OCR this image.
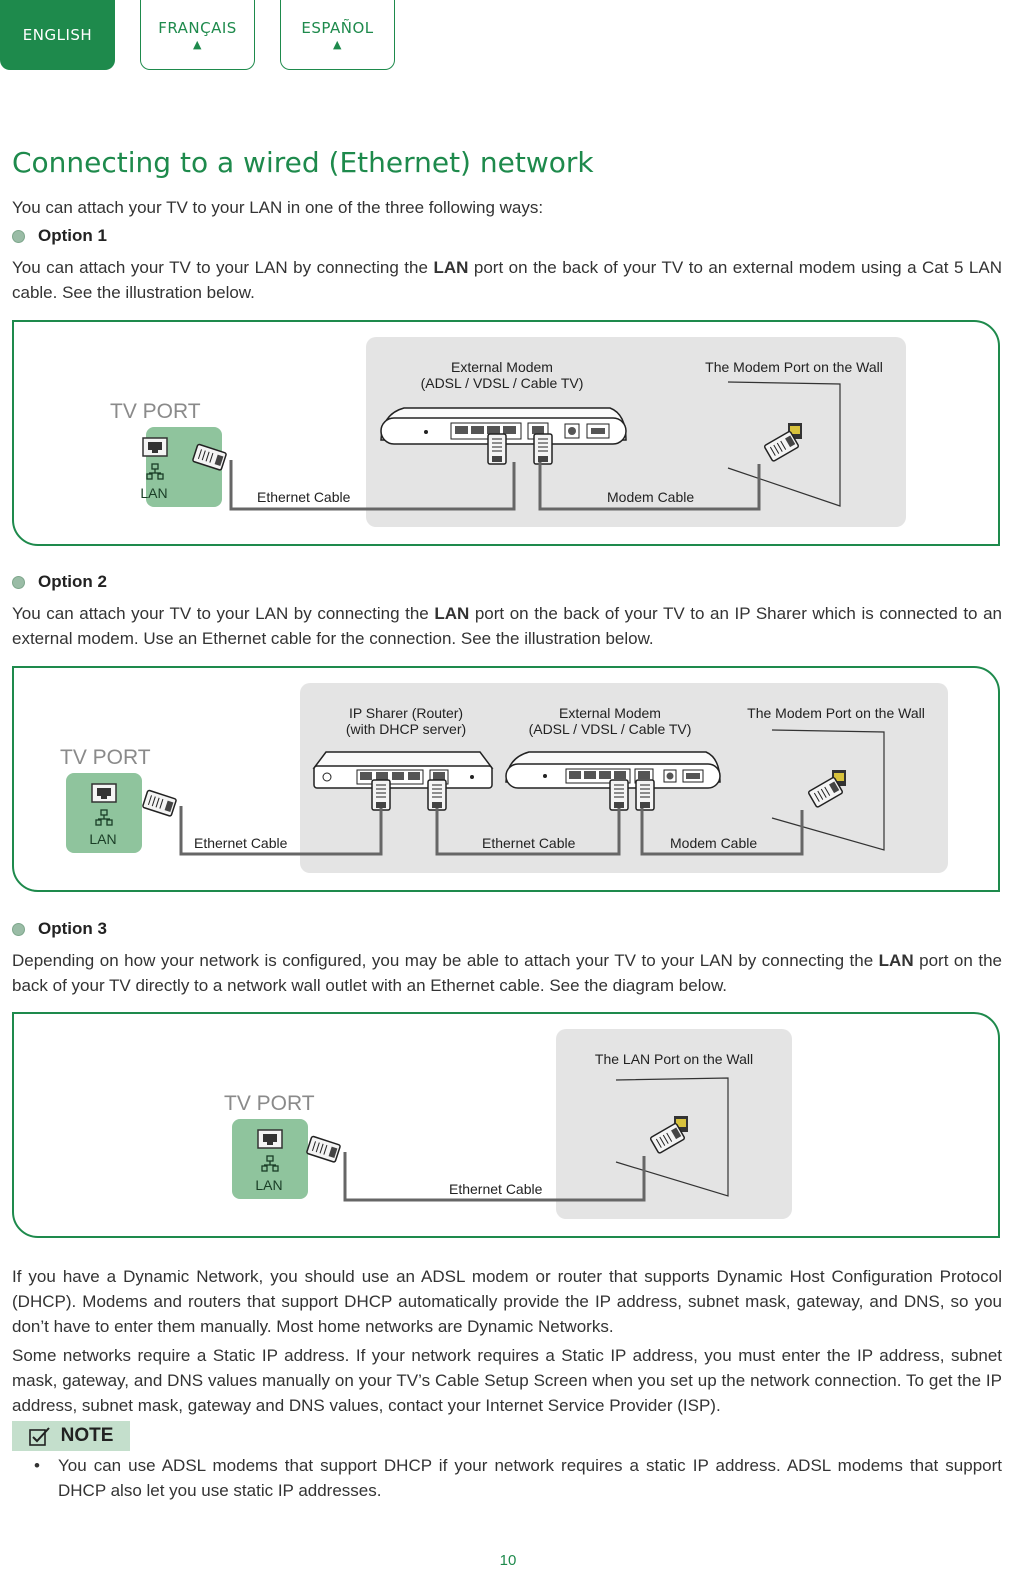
ENGLISH	FRANÇAIS
▲
ESPAÑOL
▲
Connecting to a wired (Ethernet) network

You can attach your TV to your LAN in one of the three following ways:

Option 1

You can attach your TV to your LAN by connecting the LAN port on the back of your TV to an external modem using a Cat 5 LAN cable. See the illustration below.

External Modem
(ADSL / VDSL / Cable TV)
The Modem Port on the Wall
TV PORT
LAN	Ethernet Cable	Modem Cable
Option 2

You can attach your TV to your LAN by connecting the LAN port on the back of your TV to an IP Sharer which is connected to an external modem. Use an Ethernet cable for the connection. See the illustration below.

IP Sharer (Router)
(with DHCP server)
External Modem
(ADSL / VDSL / Cable TV)
The Modem Port on the Wall
TV PORT
LAN	Ethernet Cable	Ethernet Cable	Modem Cable
Option 3

Depending on how your network is configured, you may be able to attach your TV to your LAN by connecting the LAN port on the back of your TV directly to a network wall outlet with an Ethernet cable. See the diagram below.

The LAN Port on the Wall
TV PORT
LAN	Ethernet Cable

If you have a Dynamic Network, you should use an ADSL modem or router that supports Dynamic Host Configuration Protocol (DHCP). Modems and routers that support DHCP automatically provide the IP address, subnet mask, gateway, and DNS, so you don’t have to enter them manually. Most home networks are Dynamic Networks.

Some networks require a Static IP address. If your network requires a Static IP address, you must enter the IP address, subnet mask, gateway, and DNS values manually on your TV’s Cable Setup Screen when you set up the network connection. To get the IP address, subnet mask, gateway and DNS values, contact your Internet Service Provider (ISP).

NOTE
• You can use ADSL modems that support DHCP if your network requires a static IP address. ADSL modems that support DHCP also let you use static IP addresses.
10
